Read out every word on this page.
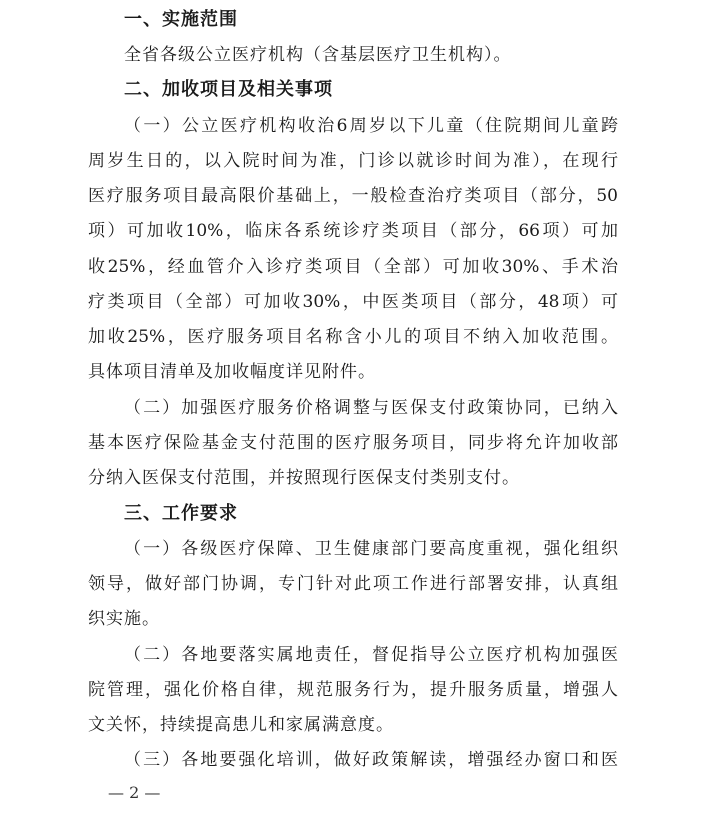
一、实施范围
全省各级公立医疗机构（含基层医疗卫生机构）。
二、加收项目及相关事项
（一）公立医疗机构收治6周岁以下儿童（住院期间儿童跨
周岁生日的，以入院时间为准，门诊以就诊时间为准），在现行
医疗服务项目最高限价基础上，一般检查治疗类项目（部分，50
项）可加收10%，临床各系统诊疗类项目（部分，66项）可加
收25%，经血管介入诊疗类项目（全部）可加收30%、手术治
疗类项目（全部）可加收30%，中医类项目（部分，48项）可
加收25%，医疗服务项目名称含小儿的项目不纳入加收范围。
具体项目清单及加收幅度详见附件。
（二）加强医疗服务价格调整与医保支付政策协同，已纳入
基本医疗保险基金支付范围的医疗服务项目，同步将允许加收部
分纳入医保支付范围，并按照现行医保支付类别支付。
三、工作要求
（一）各级医疗保障、卫生健康部门要高度重视，强化组织
领导，做好部门协调，专门针对此项工作进行部署安排，认真组
织实施。
（二）各地要落实属地责任，督促指导公立医疗机构加强医
院管理，强化价格自律，规范服务行为，提升服务质量，增强人
文关怀，持续提高患儿和家属满意度。
（三）各地要强化培训，做好政策解读，增强经办窗口和医
— 2 —
